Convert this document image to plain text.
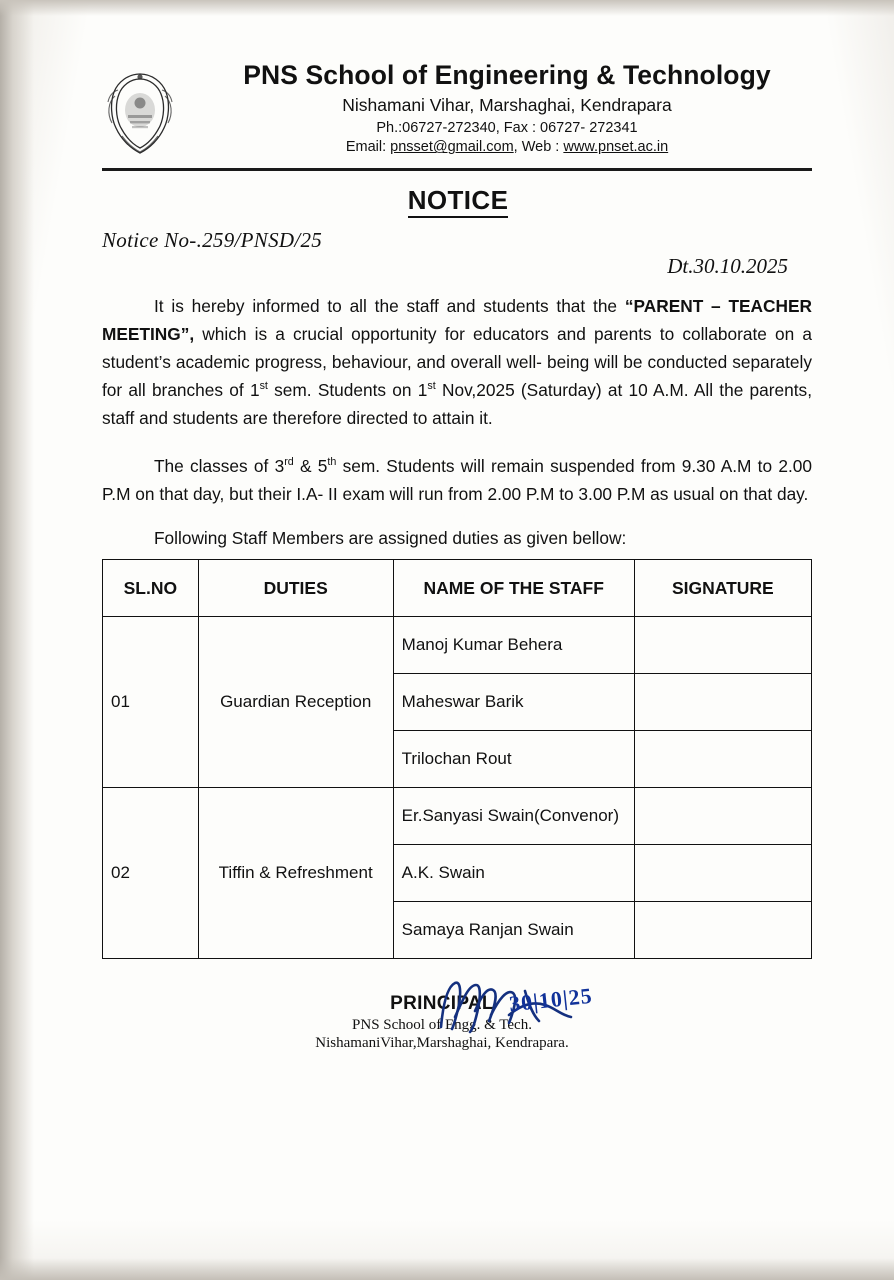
PNS School of Engineering & Technology
Nishamani Vihar, Marshaghai, Kendrapara
Ph.:06727-272340, Fax : 06727- 272341
Email: pnsset@gmail.com, Web : www.pnset.ac.in
NOTICE
Notice No-.259/PNSD/25
Dt.30.10.2025

It is hereby informed to all the staff and students that the “PARENT – TEACHER MEETING”, which is a crucial opportunity for educators and parents to collaborate on a student’s academic progress, behaviour, and overall well- being will be conducted separately for all branches of 1st sem. Students on 1st Nov,2025 (Saturday) at 10 A.M. All the parents, staff and students are therefore directed to attain it.

The classes of 3rd & 5th sem. Students will remain suspended from 9.30 A.M to 2.00 P.M on that day, but their I.A- II exam will run from 2.00 P.M to 3.00 P.M as usual on that day.

Following Staff Members are assigned duties as given bellow:

SL.NO	DUTIES	NAME OF THE STAFF	SIGNATURE
01	Guardian Reception	Manoj Kumar Behera	
		Maheswar Barik	
		Trilochan Rout	
02	Tiffin & Refreshment	Er.Sanyasi Swain(Convenor)	
		A.K. Swain	
		Samaya Ranjan Swain	
30|10|25
PRINCIPAL
PNS School of Engg. & Tech.
NishamaniVihar,Marshaghai, Kendrapara.
